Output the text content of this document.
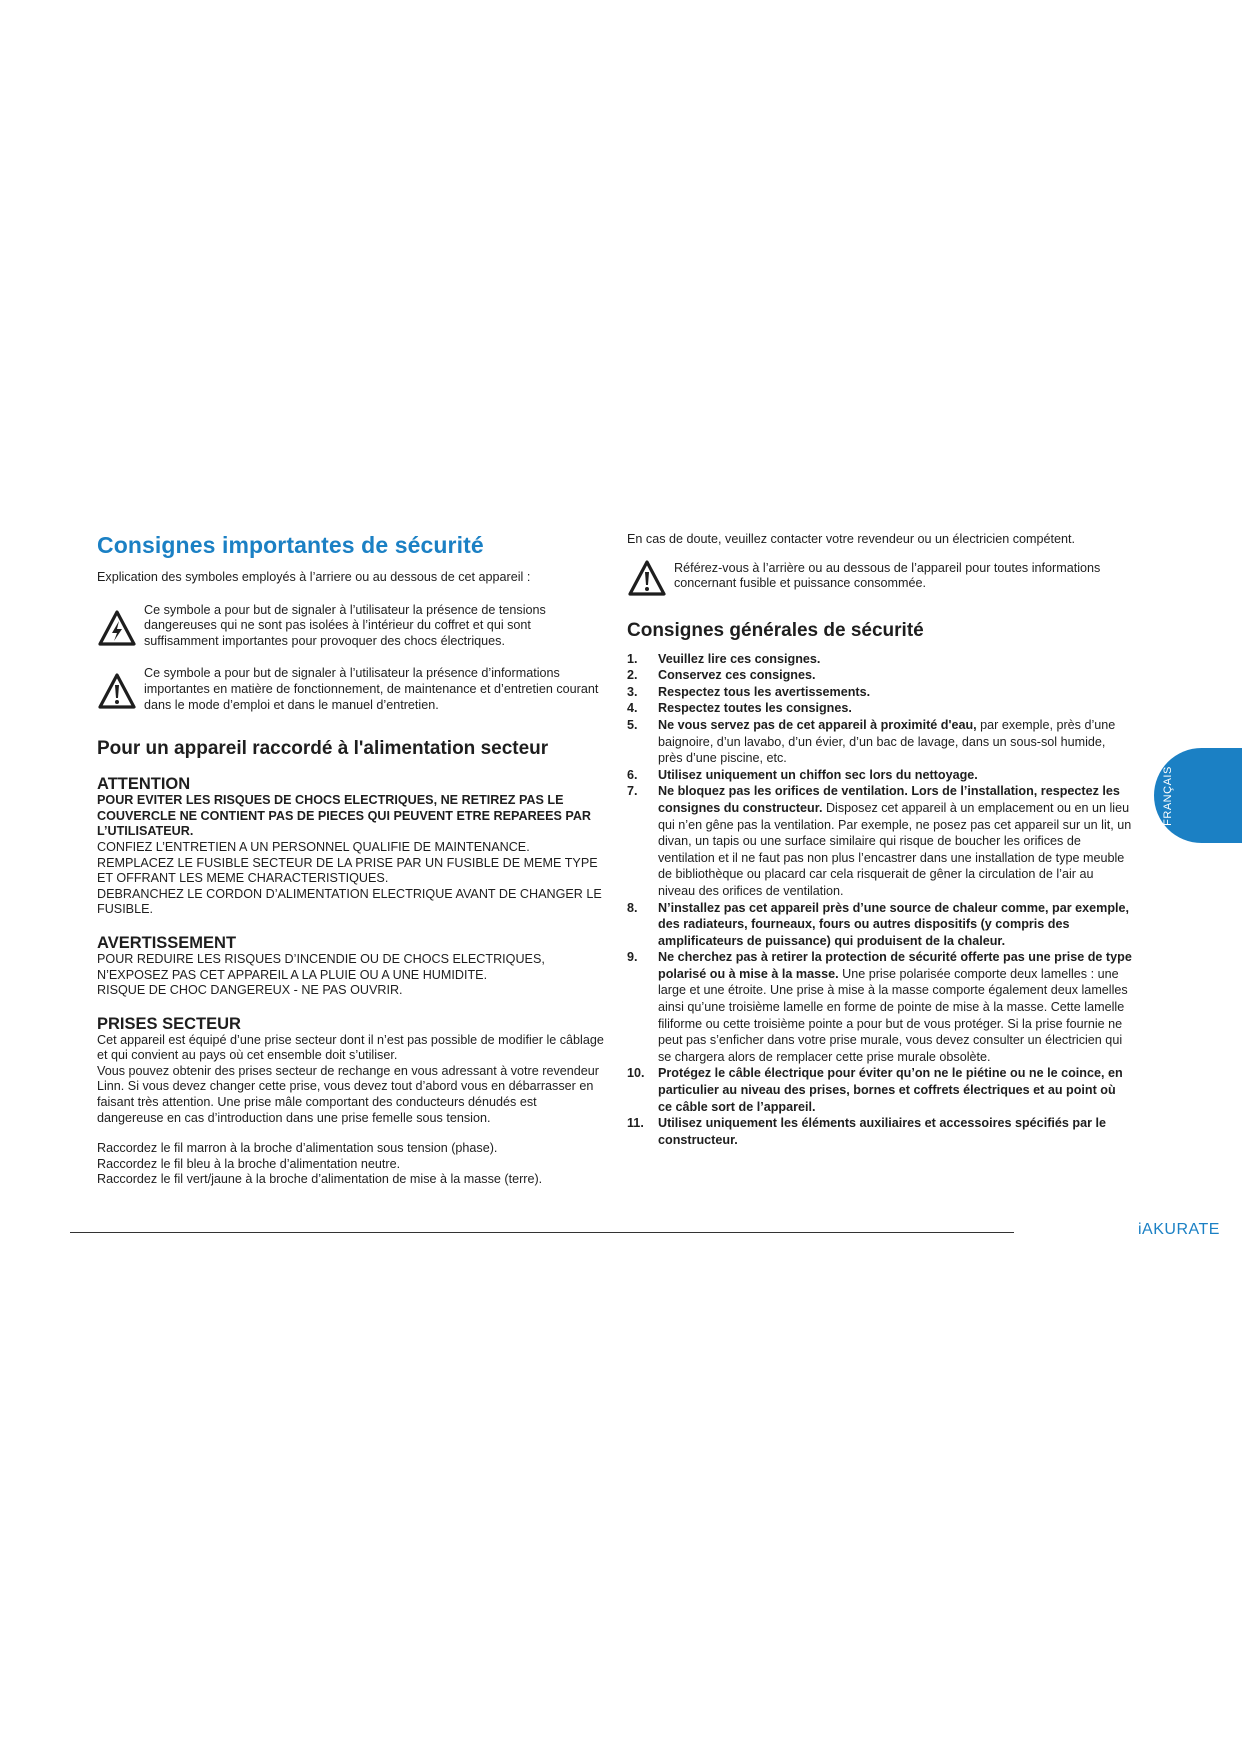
Consignes importantes de sécurité

Explication des symboles employés à l’arriere ou au dessous de cet appareil :

Ce symbole a pour but de signaler à l’utilisateur la présence de tensions dangereuses qui ne sont pas isolées à l’intérieur du coffret et qui sont suffisamment importantes pour provoquer des chocs électriques.

Ce symbole a pour but de signaler à l’utilisateur la présence d’informations importantes en matière de fonctionnement, de maintenance et d’entretien courant dans le mode d’emploi et dans le manuel d’entretien.

Pour un appareil raccordé à l'alimentation secteur
ATTENTION

POUR EVITER LES RISQUES DE CHOCS ELECTRIQUES, NE RETIREZ PAS LE COUVERCLE NE CONTIENT PAS DE PIECES QUI PEUVENT ETRE REPAREES PAR L’UTILISATEUR.

CONFIEZ L’ENTRETIEN A UN PERSONNEL QUALIFIE DE MAINTENANCE.

REMPLACEZ LE FUSIBLE SECTEUR DE LA PRISE PAR UN FUSIBLE DE MEME TYPE ET OFFRANT LES MEME CHARACTERISTIQUES.

DEBRANCHEZ LE CORDON D’ALIMENTATION ELECTRIQUE AVANT DE CHANGER LE FUSIBLE.

AVERTISSEMENT

POUR REDUIRE LES RISQUES D’INCENDIE OU DE CHOCS ELECTRIQUES, N’EXPOSEZ PAS CET APPAREIL A LA PLUIE OU A UNE HUMIDITE.

RISQUE DE CHOC DANGEREUX - NE PAS OUVRIR.

PRISES SECTEUR

Cet appareil est équipé d’une prise secteur dont il n’est pas possible de modifier le câblage et qui convient au pays où cet ensemble doit s’utiliser.

Vous pouvez obtenir des prises secteur de rechange en vous adressant à votre revendeur Linn. Si vous devez changer cette prise, vous devez tout d’abord vous en débarrasser en faisant très attention. Une prise mâle comportant des conducteurs dénudés est dangereuse en cas d’introduction dans une prise femelle sous tension.

Raccordez le fil marron à la broche d’alimentation sous tension (phase).

Raccordez le fil bleu à la broche d’alimentation neutre.

Raccordez le fil vert/jaune à la broche d’alimentation de mise à la masse (terre).

En cas de doute, veuillez contacter votre revendeur ou un électricien compétent.

Référez-vous à l’arrière ou au dessous de l’appareil pour toutes informations concernant fusible et puissance consommée.

Consignes générales de sécurité
1. Veuillez lire ces consignes.
2. Conservez ces consignes.
3. Respectez tous les avertissements.
4. Respectez toutes les consignes.
5. Ne vous servez pas de cet appareil à proximité d'eau, par exemple, près d’une baignoire, d’un lavabo, d’un évier, d’un bac de lavage, dans un sous-sol humide, près d’une piscine, etc.
6. Utilisez uniquement un chiffon sec lors du nettoyage.
7. Ne bloquez pas les orifices de ventilation. Lors de l’installation, respectez les consignes du constructeur. Disposez cet appareil à un emplacement ou en un lieu qui n’en gêne pas la ventilation. Par exemple, ne posez pas cet appareil sur un lit, un divan, un tapis ou une surface similaire qui risque de boucher les orifices de ventilation et il ne faut pas non plus l’encastrer dans une installation de type meuble de bibliothèque ou placard car cela risquerait de gêner la circulation de l’air au niveau des orifices de ventilation.
8. N’installez pas cet appareil près d’une source de chaleur comme, par exemple, des radiateurs, fourneaux, fours ou autres dispositifs (y compris des amplificateurs de puissance) qui produisent de la chaleur.
9. Ne cherchez pas à retirer la protection de sécurité offerte pas une prise de type polarisé ou à mise à la masse. Une prise polarisée comporte deux lamelles : une large et une étroite. Une prise à mise à la masse comporte également deux lamelles ainsi qu’une troisième lamelle en forme de pointe de mise à la masse. Cette lamelle filiforme ou cette troisième pointe a pour but de vous protéger. Si la prise fournie ne peut pas s’enficher dans votre prise murale, vous devez consulter un électricien qui se chargera alors de remplacer cette prise murale obsolète.
10. Protégez le câble électrique pour éviter qu’on ne le piétine ou ne le coince, en particulier au niveau des prises, bornes et coffrets électriques et au point où ce câble sort de l’appareil.
11. Utilisez uniquement les éléments auxiliaires et accessoires spécifiés par le constructeur.
FRANÇAIS
iAKURATE
